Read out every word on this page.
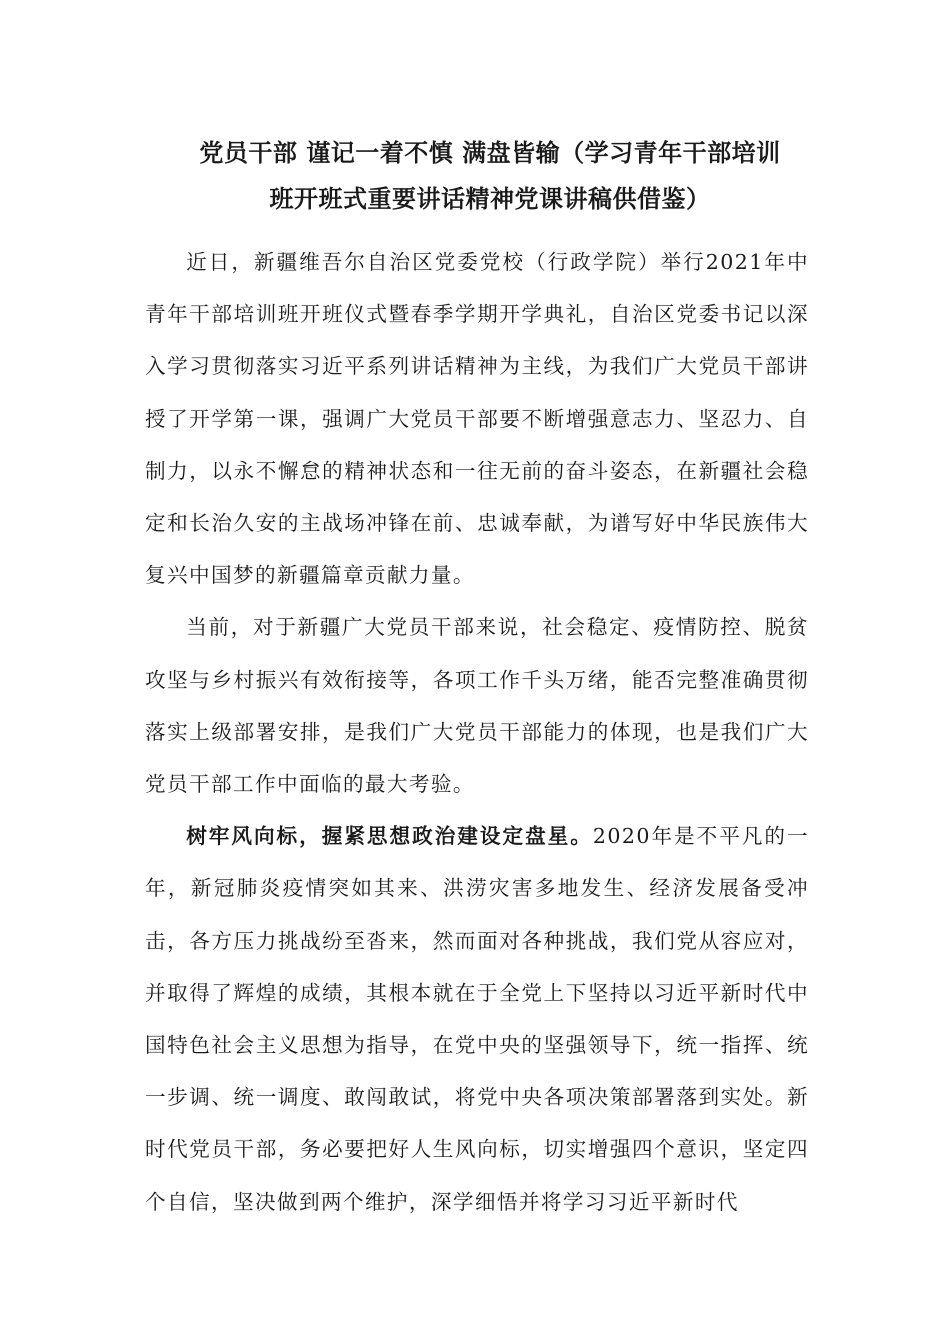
党员干部 谨记一着不慎 满盘皆输（学习青年干部培训
班开班式重要讲话精神党课讲稿供借鉴）

近日，新疆维吾尔自治区党委党校（行政学院）举行2021年中青年干部培训班开班仪式暨春季学期开学典礼，自治区党委书记以深入学习贯彻落实习近平系列讲话精神为主线，为我们广大党员干部讲授了开学第一课，强调广大党员干部要不断增强意志力、坚忍力、自制力，以永不懈怠的精神状态和一往无前的奋斗姿态，在新疆社会稳定和长治久安的主战场冲锋在前、忠诚奉献，为谱写好中华民族伟大复兴中国梦的新疆篇章贡献力量。

当前，对于新疆广大党员干部来说，社会稳定、疫情防控、脱贫攻坚与乡村振兴有效衔接等，各项工作千头万绪，能否完整准确贯彻落实上级部署安排，是我们广大党员干部能力的体现，也是我们广大党员干部工作中面临的最大考验。

树牢风向标，握紧思想政治建设定盘星。2020年是不平凡的一年，新冠肺炎疫情突如其来、洪涝灾害多地发生、经济发展备受冲击，各方压力挑战纷至沓来，然而面对各种挑战，我们党从容应对，并取得了辉煌的成绩，其根本就在于全党上下坚持以习近平新时代中国特色社会主义思想为指导，在党中央的坚强领导下，统一指挥、统一步调、统一调度、敢闯敢试，将党中央各项决策部署落到实处。新时代党员干部，务必要把好人生风向标，切实增强四个意识，坚定四个自信，坚决做到两个维护，深学细悟并将学习习近平新时代
